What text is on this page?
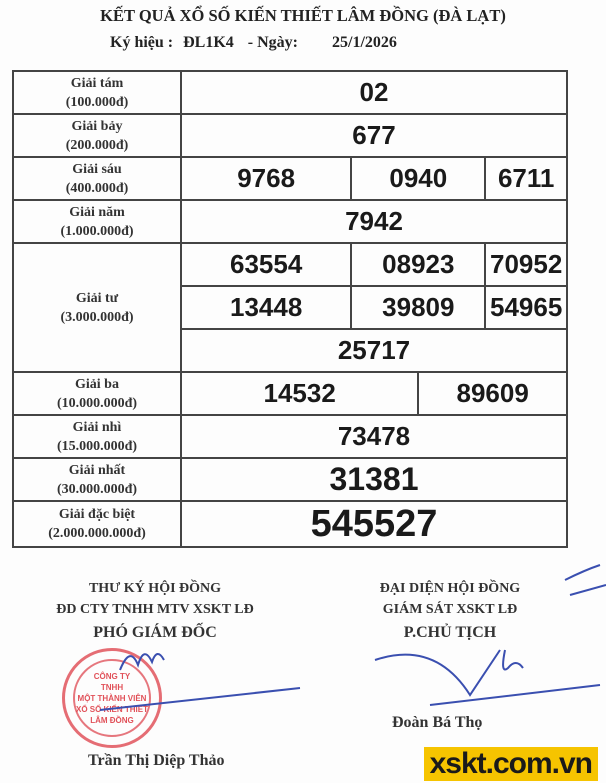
KẾT QUẢ XỔ SỐ KIẾN THIẾT LÂM ĐỒNG (ĐÀ LẠT)
Ký hiệu : ĐL1K4 - Ngày: 25/1/2026
Giải tám
(100.000đ)	02			

Giải bảy
(200.000đ)	677			

Giải sáu
(400.000đ)	9768	0940		6711

Giải năm
(1.000.000đ)	7942			

Giải tư
(3.000.000đ)	63554	08923		70952
	13448	39809		54965
	25717			

Giải ba
(10.000.000đ)	14532		89609	

Giải nhì
(15.000.000đ)	73478			

Giải nhất
(30.000.000đ)	31381			

Giải đặc biệt
(2.000.000.000đ)	545527			
THƯ KÝ HỘI ĐỒNG
ĐD CTY TNHH MTV XSKT LĐ
PHÓ GIÁM ĐỐC
ĐẠI DIỆN HỘI ĐỒNG
GIÁM SÁT XSKT LĐ
P.CHỦ TỊCH
CÔNG TY
TNHH
MỘT THÀNH VIÊN
XỔ SỐ KIẾN THIẾT
LÂM ĐỒNG
Trần Thị Diệp Thảo
Đoàn Bá Thọ
xskt.com.vn
